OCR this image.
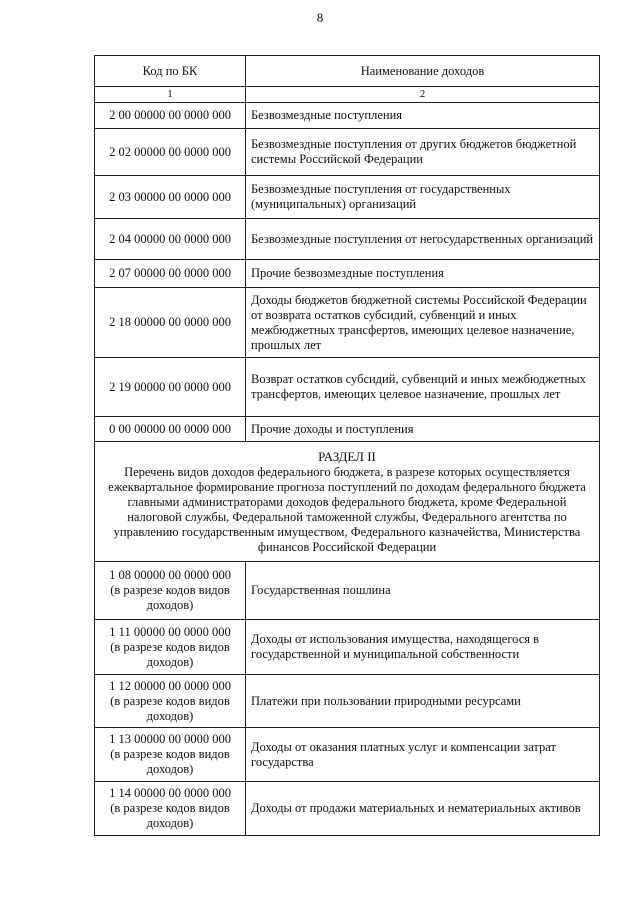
8
Код по БК	Наименование доходов
1	2
2 00 00000 00 0000 000	Безвозмездные поступления
2 02 00000 00 0000 000	Безвозмездные поступления от других бюджетов бюджетной системы Российской Федерации
2 03 00000 00 0000 000	Безвозмездные поступления от государственных (муниципальных) организаций
2 04 00000 00 0000 000	Безвозмездные поступления от негосударственных организаций
2 07 00000 00 0000 000	Прочие безвозмездные поступления
2 18 00000 00 0000 000	Доходы бюджетов бюджетной системы Российской Федерации от возврата остатков субсидий, субвенций и иных межбюджетных трансфертов, имеющих целевое назначение, прошлых лет
2 19 00000 00 0000 000	Возврат остатков субсидий, субвенций и иных межбюджетных трансфертов, имеющих целевое назначение, прошлых лет
0 00 00000 00 0000 000	Прочие доходы и поступления

РАЗДЕЛ II
Перечень видов доходов федерального бюджета, в разрезе которых осуществляется ежеквартальное формирование прогноза поступлений по доходам федерального бюджета главными администраторами доходов федерального бюджета, кроме Федеральной налоговой службы, Федеральной таможенной службы, Федерального агентства по управлению государственным имуществом, Федерального казначейства, Министерства финансов Российской Федерации	

1 08 00000 00 0000 000
(в разрезе кодов видов доходов)	Государственная пошлина

1 11 00000 00 0000 000
(в разрезе кодов видов доходов)	Доходы от использования имущества, находящегося в государственной и муниципальной собственности

1 12 00000 00 0000 000
(в разрезе кодов видов доходов)	Платежи при пользовании природными ресурсами

1 13 00000 00 0000 000
(в разрезе кодов видов доходов)	Доходы от оказания платных услуг и компенсации затрат государства

1 14 00000 00 0000 000
(в разрезе кодов видов доходов)	Доходы от продажи материальных и нематериальных активов
